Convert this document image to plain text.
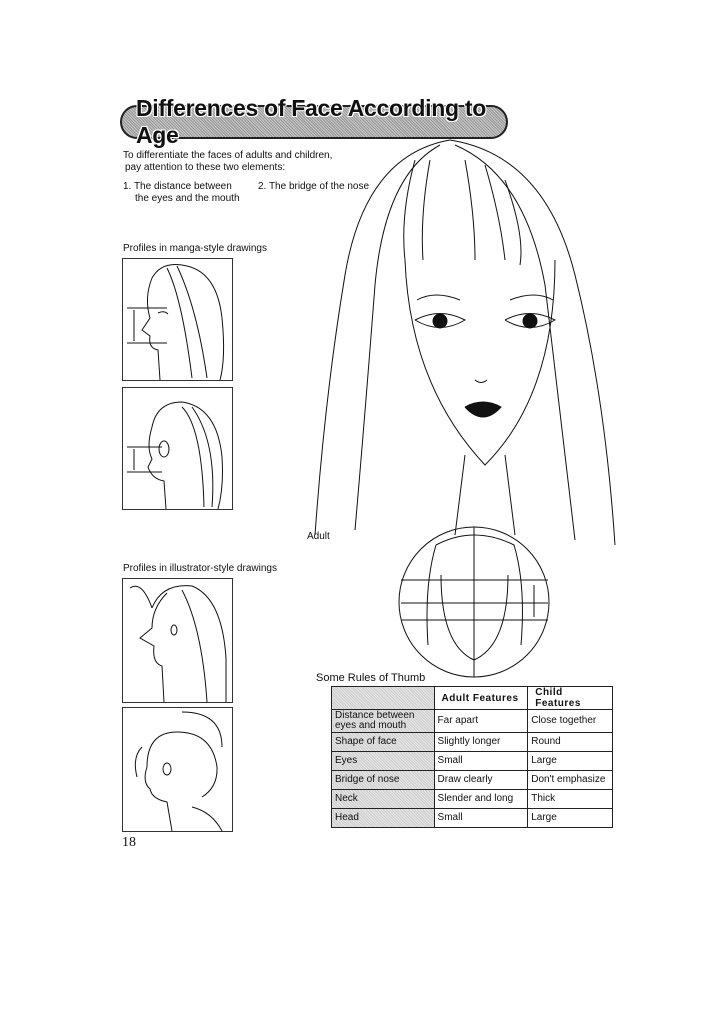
Differences of Face According to Age
To differentiate the faces of adults and children,
pay attention to these two elements:
1. The distance between
the eyes and the mouth
2. The bridge of the nose
Profiles in manga-style drawings
Profiles in illustrator-style drawings
Adult
Some Rules of Thumb
	Adult Features	Child Features
Distance between eyes and mouth	Far apart	Close together
Shape of face	Slightly longer	Round
Eyes	Small	Large
Bridge of nose	Draw clearly	Don't emphasize
Neck	Slender and long	Thick
Head	Small	Large
18
